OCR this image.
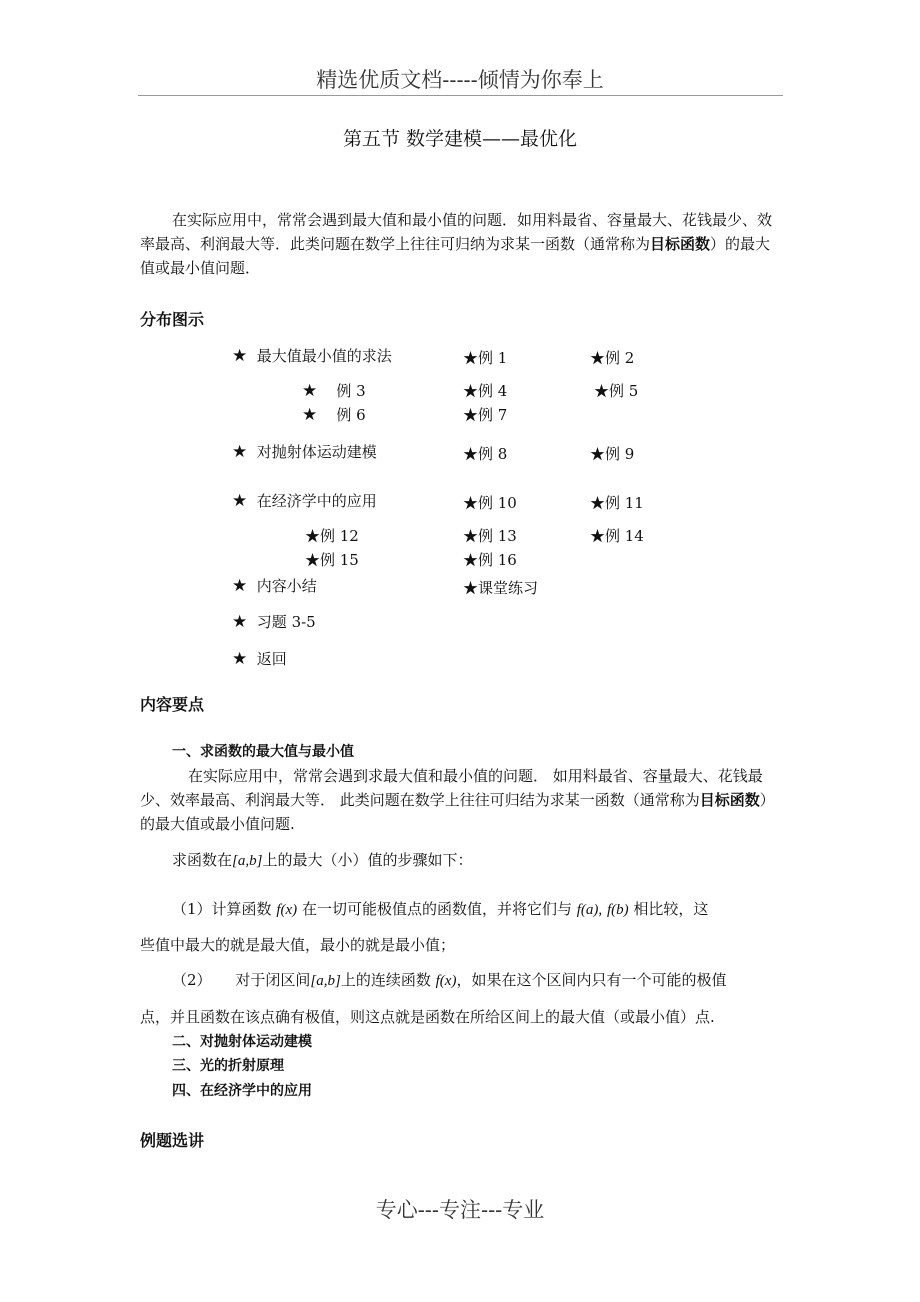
精选优质文档-----倾情为你奉上
第五节 数学建模——最优化
在实际应用中，常常会遇到最大值和最小值的问题．如用料最省、容量最大、花钱最少、效率最高、利润最大等．此类问题在数学上往往可归纳为求某一函数（通常称为目标函数）的最大值或最小值问题．
分布图示
★ 最大值最小值的求法	★例 1	★例 2
★ 例 3	★例 4	★例 5
★ 例 6	★例 7
★ 对抛射体运动建模	★例 8	★例 9
★ 在经济学中的应用	★例 10	★例 11
★例 12	★例 13	★例 14
★例 15	★例 16
★ 内容小结	★课堂练习
★ 习题 3-5
★ 返回
内容要点
一、求函数的最大值与最小值
在实际应用中，常常会遇到求最大值和最小值的问题． 如用料最省、容量最大、花钱最少、效率最高、利润最大等． 此类问题在数学上往往可归结为求某一函数（通常称为目标函数）的最大值或最小值问题.
求函数在[a,b]上的最大（小）值的步骤如下：
（1）计算函数 f(x) 在一切可能极值点的函数值，并将它们与 f(a), f(b) 相比较，这
些值中最大的就是最大值，最小的就是最小值；
（2） 对于闭区间[a,b]上的连续函数 f(x)，如果在这个区间内只有一个可能的极值
点，并且函数在该点确有极值，则这点就是函数在所给区间上的最大值（或最小值）点.
二、对抛射体运动建模
三、光的折射原理
四、在经济学中的应用
例题选讲
专心---专注---专业
